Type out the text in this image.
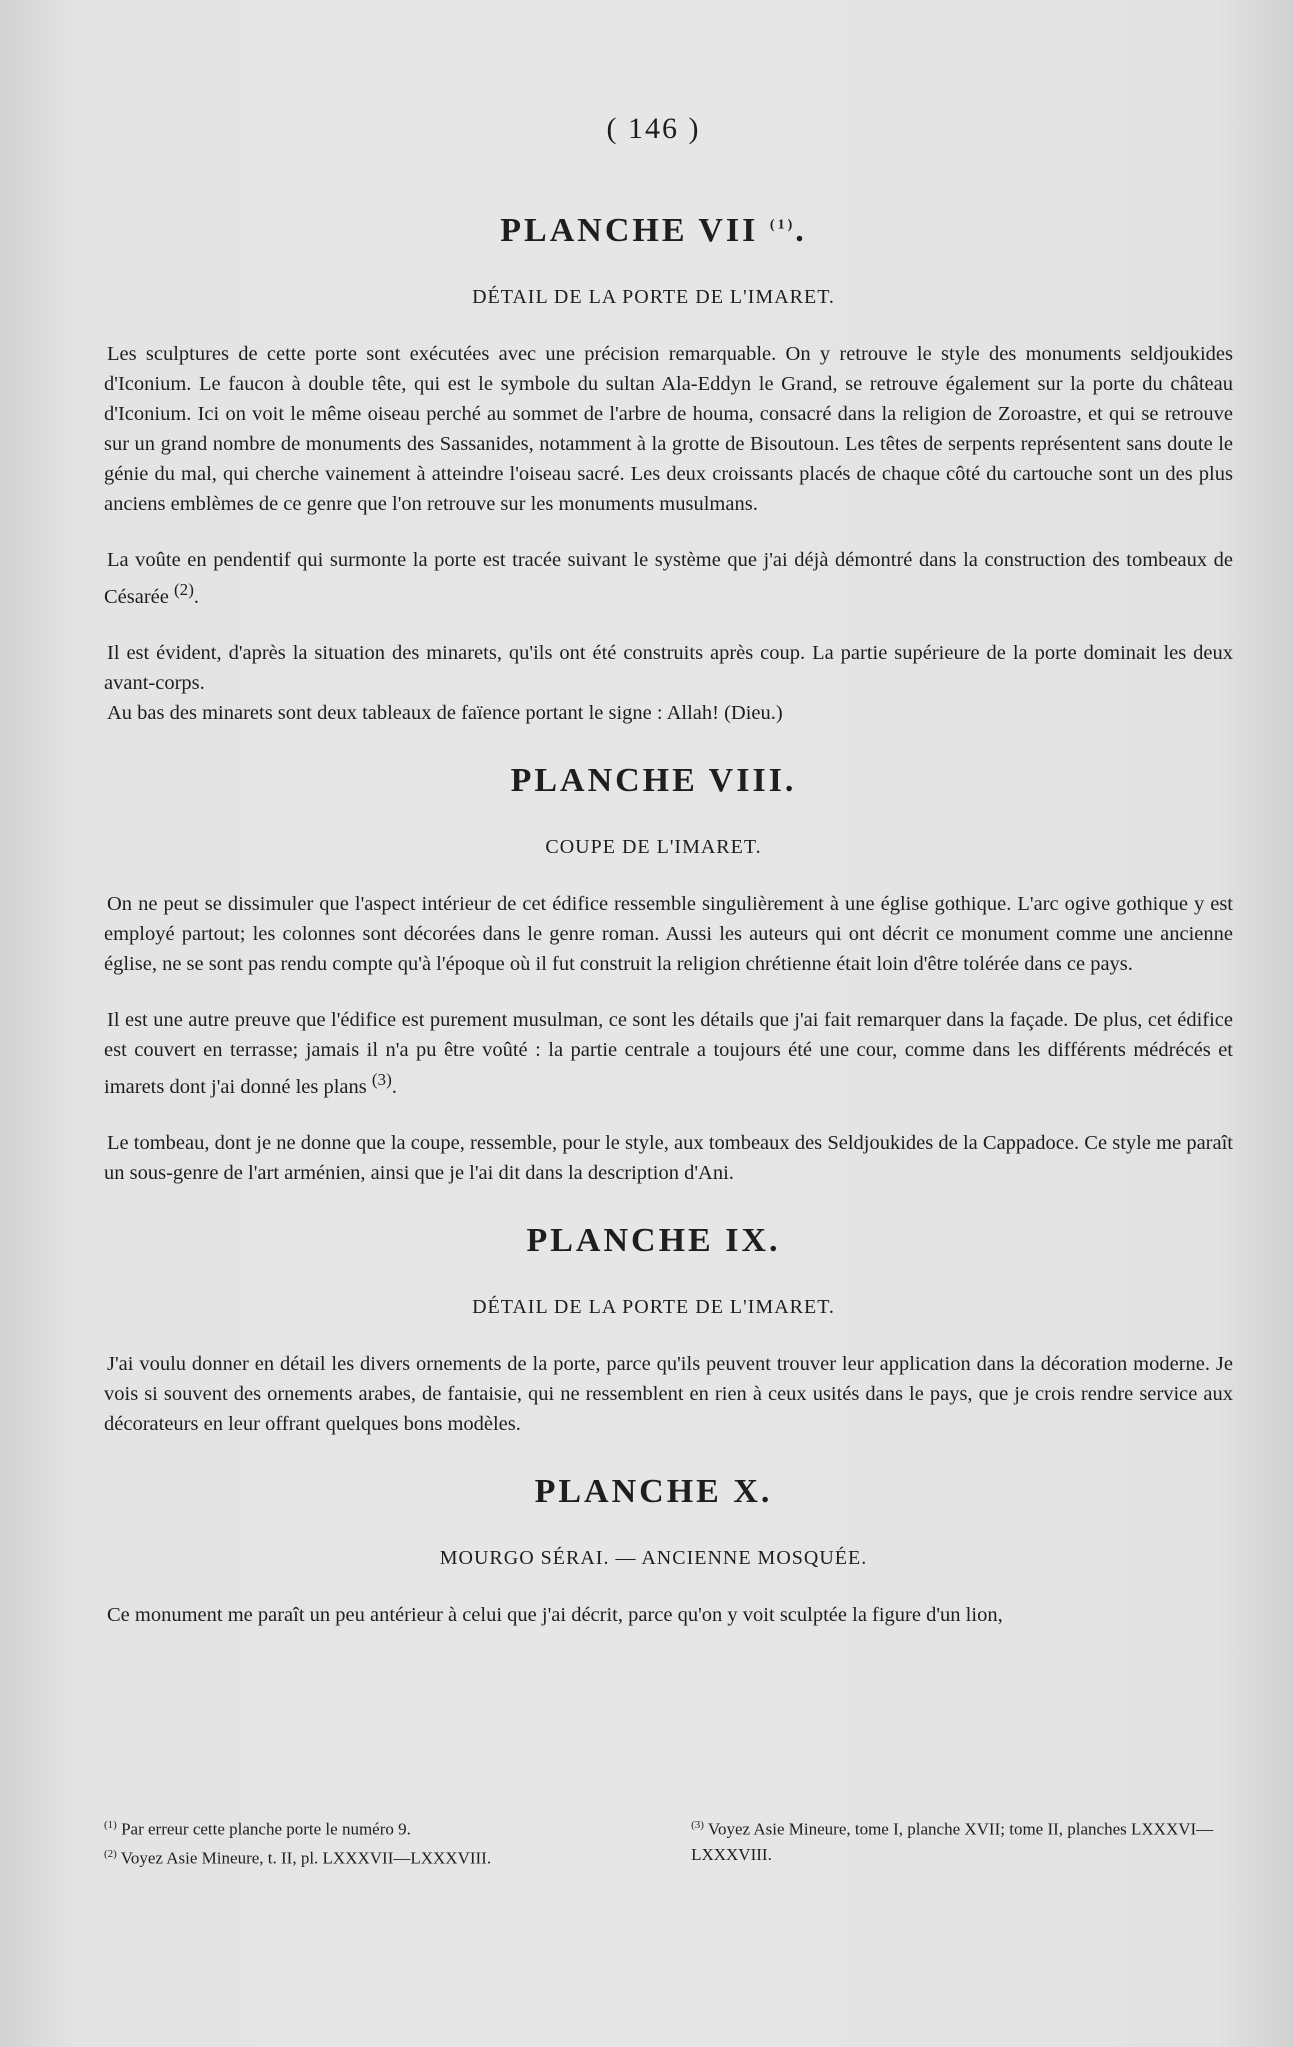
( 146 )
PLANCHE VII $^{(1)}$.
DÉTAIL DE LA PORTE DE L'IMARET.

Les sculptures de cette porte sont exécutées avec une précision remarquable. On y retrouve le style des monuments seldjoukides d'Iconium. Le faucon à double tête, qui est le symbole du sultan Ala-Eddyn le Grand, se retrouve également sur la porte du château d'Iconium. Ici on voit le même oiseau perché au sommet de l'arbre de houma, consacré dans la religion de Zoroastre, et qui se retrouve sur un grand nombre de monuments des Sassanides, notamment à la grotte de Bisoutoun. Les têtes de serpents représentent sans doute le génie du mal, qui cherche vainement à atteindre l'oiseau sacré. Les deux croissants placés de chaque côté du cartouche sont un des plus anciens emblèmes de ce genre que l'on retrouve sur les monuments musulmans.

La voûte en pendentif qui surmonte la porte est tracée suivant le système que j'ai déjà démontré dans la construction des tombeaux de Césarée $^{(2)}$.

Il est évident, d'après la situation des minarets, qu'ils ont été construits après coup. La partie supérieure de la porte dominait les deux avant-corps.

Au bas des minarets sont deux tableaux de faïence portant le signe : Allah! (Dieu.)

PLANCHE VIII.
COUPE DE L'IMARET.

On ne peut se dissimuler que l'aspect intérieur de cet édifice ressemble singulièrement à une église gothique. L'arc ogive gothique y est employé partout; les colonnes sont décorées dans le genre roman. Aussi les auteurs qui ont décrit ce monument comme une ancienne église, ne se sont pas rendu compte qu'à l'époque où il fut construit la religion chrétienne était loin d'être tolérée dans ce pays.

Il est une autre preuve que l'édifice est purement musulman, ce sont les détails que j'ai fait remarquer dans la façade. De plus, cet édifice est couvert en terrasse; jamais il n'a pu être voûté : la partie centrale a toujours été une cour, comme dans les différents médrécés et imarets dont j'ai donné les plans $^{(3)}$.

Le tombeau, dont je ne donne que la coupe, ressemble, pour le style, aux tombeaux des Seldjoukides de la Cappadoce. Ce style me paraît un sous-genre de l'art arménien, ainsi que je l'ai dit dans la description d'Ani.

PLANCHE IX.
DÉTAIL DE LA PORTE DE L'IMARET.

J'ai voulu donner en détail les divers ornements de la porte, parce qu'ils peuvent trouver leur application dans la décoration moderne. Je vois si souvent des ornements arabes, de fantaisie, qui ne ressemblent en rien à ceux usités dans le pays, que je crois rendre service aux décorateurs en leur offrant quelques bons modèles.

PLANCHE X.
MOURGO SÉRAI. — ANCIENNE MOSQUÉE.

Ce monument me paraît un peu antérieur à celui que j'ai décrit, parce qu'on y voit sculptée la figure d'un lion,

$^{(1)}$ Par erreur cette planche porte le numéro 9.
$^{(2)}$ Voyez Asie Mineure, t. II, pl. LXXXVII—LXXXVIII.
$^{(3)}$ Voyez Asie Mineure, tome I, planche XVII; tome II, planches LXXXVI—LXXXVIII.
